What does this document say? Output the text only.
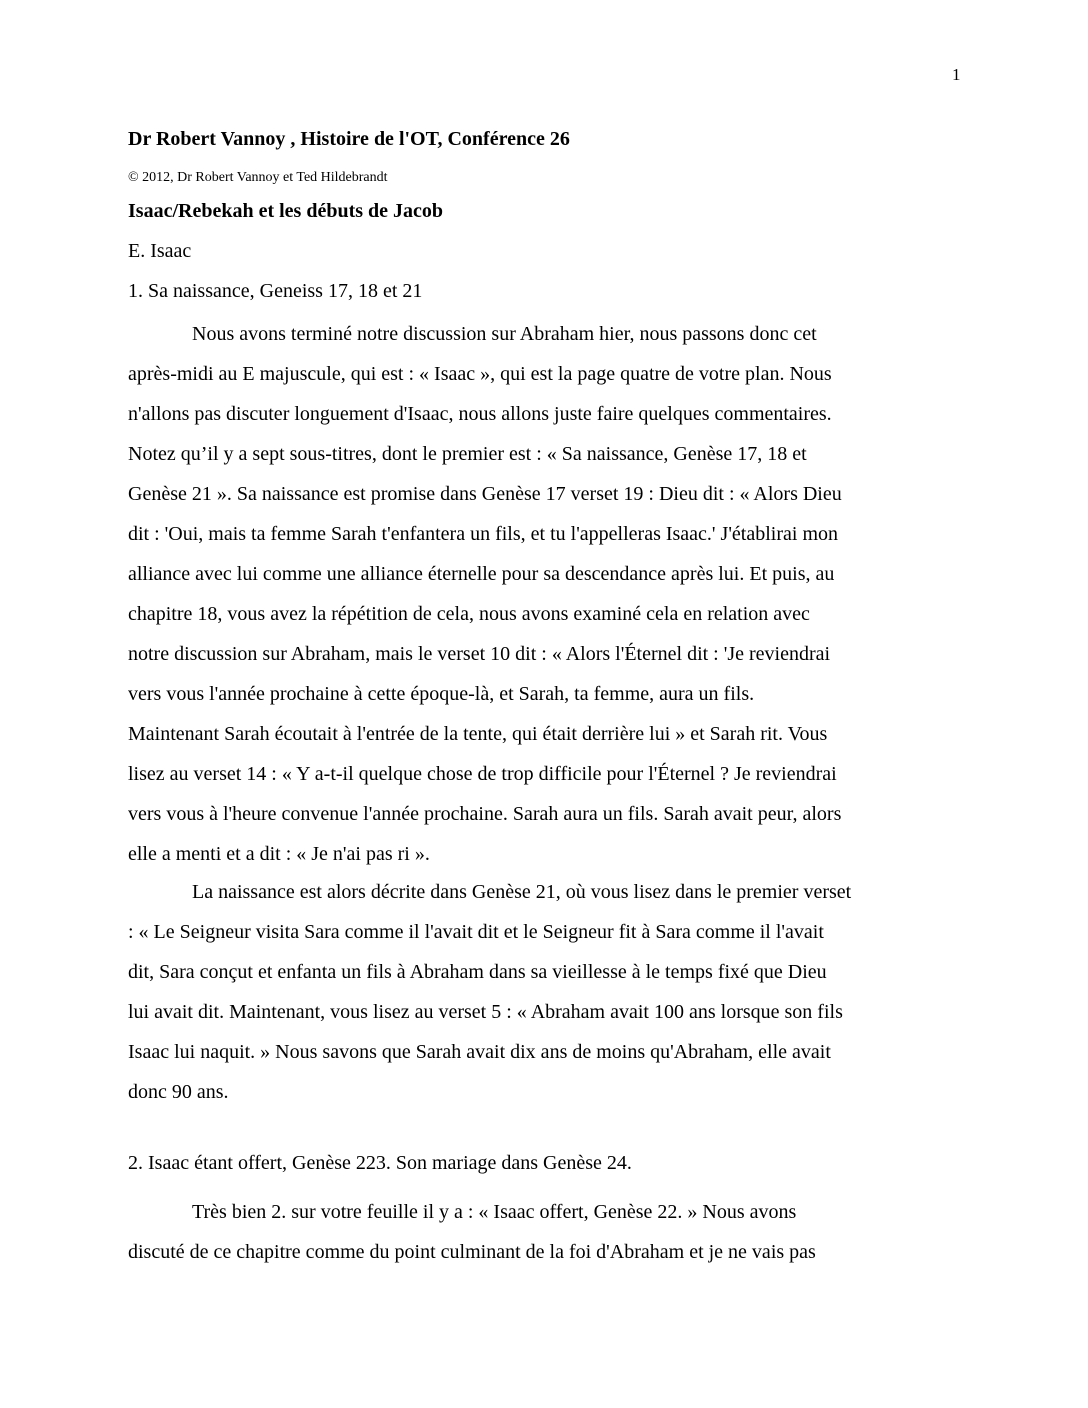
1
Dr Robert Vannoy , Histoire de l'OT, Conférence 26
© 2012, Dr Robert Vannoy et Ted Hildebrandt
Isaac/Rebekah et les débuts de Jacob
E. Isaac
1. Sa naissance, Geneiss 17, 18 et 21
Nous avons terminé notre discussion sur Abraham hier, nous passons donc cet
après-midi au E majuscule, qui est : « Isaac », qui est la page quatre de votre plan. Nous
n'allons pas discuter longuement d'Isaac, nous allons juste faire quelques commentaires.
Notez qu’il y a sept sous-titres, dont le premier est : « Sa naissance, Genèse 17, 18 et
Genèse 21 ». Sa naissance est promise dans Genèse 17 verset 19 : Dieu dit : « Alors Dieu
dit : 'Oui, mais ta femme Sarah t'enfantera un fils, et tu l'appelleras Isaac.' J'établirai mon
alliance avec lui comme une alliance éternelle pour sa descendance après lui. Et puis, au
chapitre 18, vous avez la répétition de cela, nous avons examiné cela en relation avec
notre discussion sur Abraham, mais le verset 10 dit : « Alors l'Éternel dit : 'Je reviendrai
vers vous l'année prochaine à cette époque-là, et Sarah, ta femme, aura un fils.
Maintenant Sarah écoutait à l'entrée de la tente, qui était derrière lui » et Sarah rit. Vous
lisez au verset 14 : « Y a-t-il quelque chose de trop difficile pour l'Éternel ? Je reviendrai
vers vous à l'heure convenue l'année prochaine. Sarah aura un fils. Sarah avait peur, alors
elle a menti et a dit : « Je n'ai pas ri ».
La naissance est alors décrite dans Genèse 21, où vous lisez dans le premier verset
: « Le Seigneur visita Sara comme il l'avait dit et le Seigneur fit à Sara comme il l'avait
dit, Sara conçut et enfanta un fils à Abraham dans sa vieillesse à le temps fixé que Dieu
lui avait dit. Maintenant, vous lisez au verset 5 : « Abraham avait 100 ans lorsque son fils
Isaac lui naquit. » Nous savons que Sarah avait dix ans de moins qu'Abraham, elle avait
donc 90 ans.
2. Isaac étant offert, Genèse 223. Son mariage dans Genèse 24.
Très bien 2. sur votre feuille il y a : « Isaac offert, Genèse 22. » Nous avons
discuté de ce chapitre comme du point culminant de la foi d'Abraham et je ne vais pas
